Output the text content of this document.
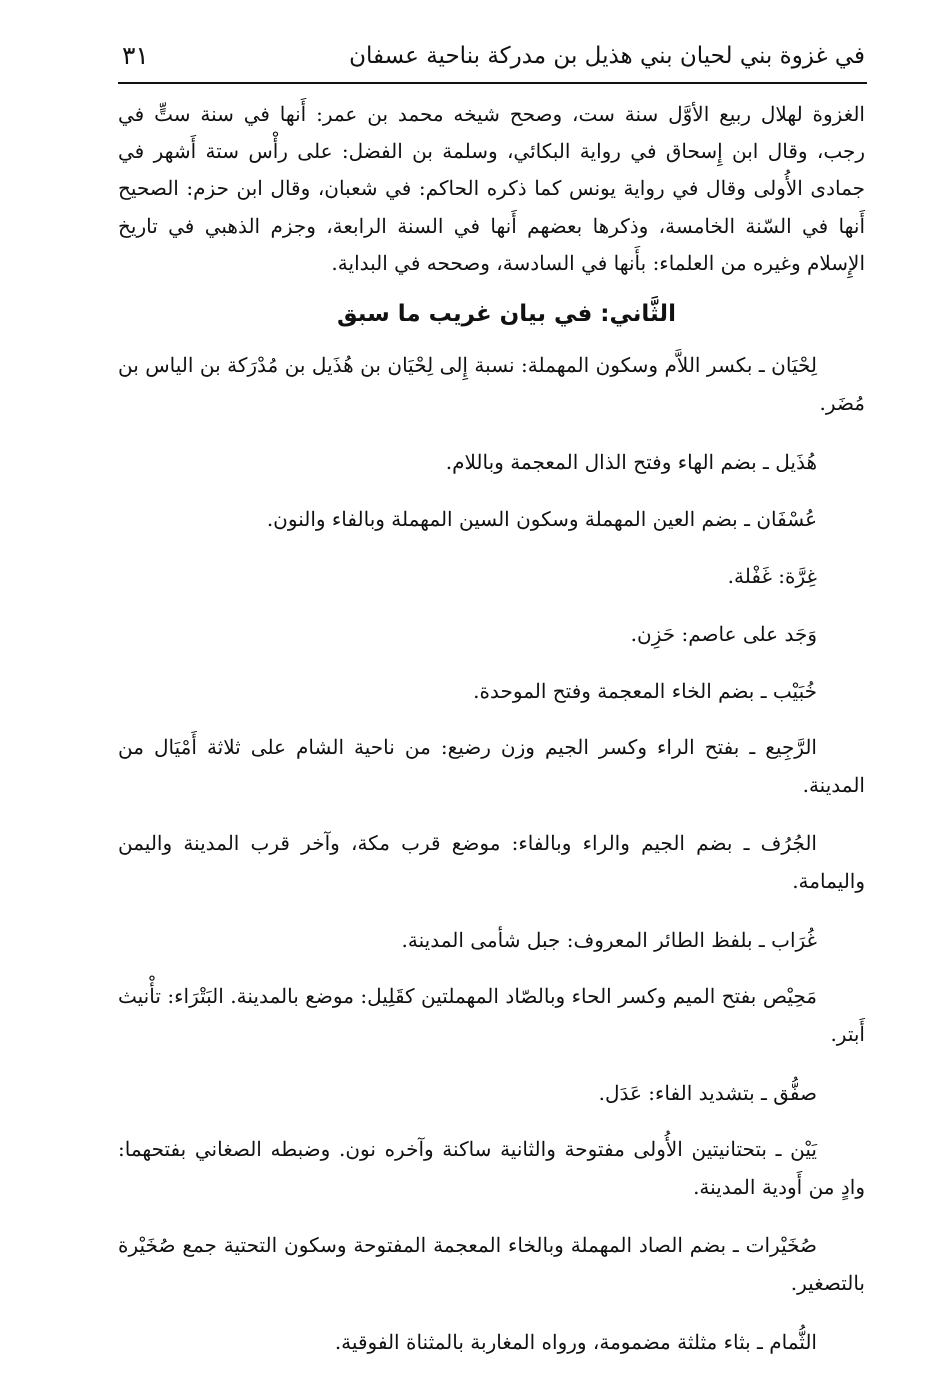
في غزوة بني لحيان بني هذيل بن مدركة بناحية عسفان
٣١

الغزوة لهلال ربيع الأوَّل سنة ست، وصحح شيخه محمد بن عمر: أَنها في سنة ستٍّ في رجب، وقال ابن إِسحاق في رواية البكائي، وسلمة بن الفضل: على رأْس ستة أَشهر في جمادى الأُولى وقال في رواية يونس كما ذكره الحاكم: في شعبان، وقال ابن حزم: الصحيح أَنها في السّنة الخامسة، وذكرها بعضهم أَنها في السنة الرابعة، وجزم الذهبي في تاريخ الإِسلام وغيره من العلماء: بأَنها في السادسة، وصححه في البداية.

الثَّاني: في بيان غريب ما سبق

لِحْيَان ـ بكسر اللاَّم وسكون المهملة: نسبة إِلى لِحْيَان بن هُذَيل بن مُدْرَكة بن الياس بن مُضَر.

هُذَيل ـ بضم الهاء وفتح الذال المعجمة وباللام.

عُسْفَان ـ بضم العين المهملة وسكون السين المهملة وبالفاء والنون.

غِرَّة: غَفْلة.

وَجَد على عاصم: حَزِن.

خُبَيْب ـ بضم الخاء المعجمة وفتح الموحدة.

الرَّجِيع ـ بفتح الراء وكسر الجيم وزن رضيع: من ناحية الشام على ثلاثة أَمْيَال من المدينة.

الجُرُف ـ بضم الجيم والراء وبالفاء: موضع قرب مكة، وآخر قرب المدينة واليمن واليمامة.

غُرَاب ـ بلفظ الطائر المعروف: جبل شأمى المدينة.

مَحِيْص بفتح الميم وكسر الحاء وبالصّاد المهملتين كقَلِيل: موضع بالمدينة. البَتْرَاء: تأْنيث أَبتر.

صفُّق ـ بتشديد الفاء: عَدَل.

يَيْن ـ بتحتانيتين الأُولى مفتوحة والثانية ساكنة وآخره نون. وضبطه الصغاني بفتحهما: وادٍ من أَودية المدينة.

صُخَيْرات ـ بضم الصاد المهملة وبالخاء المعجمة المفتوحة وسكون التحتية جمع صُخَيْرة بالتصغير.

الثُّمام ـ بثاء مثلثة مضمومة، ورواه المغاربة بالمثناة الفوقية.
